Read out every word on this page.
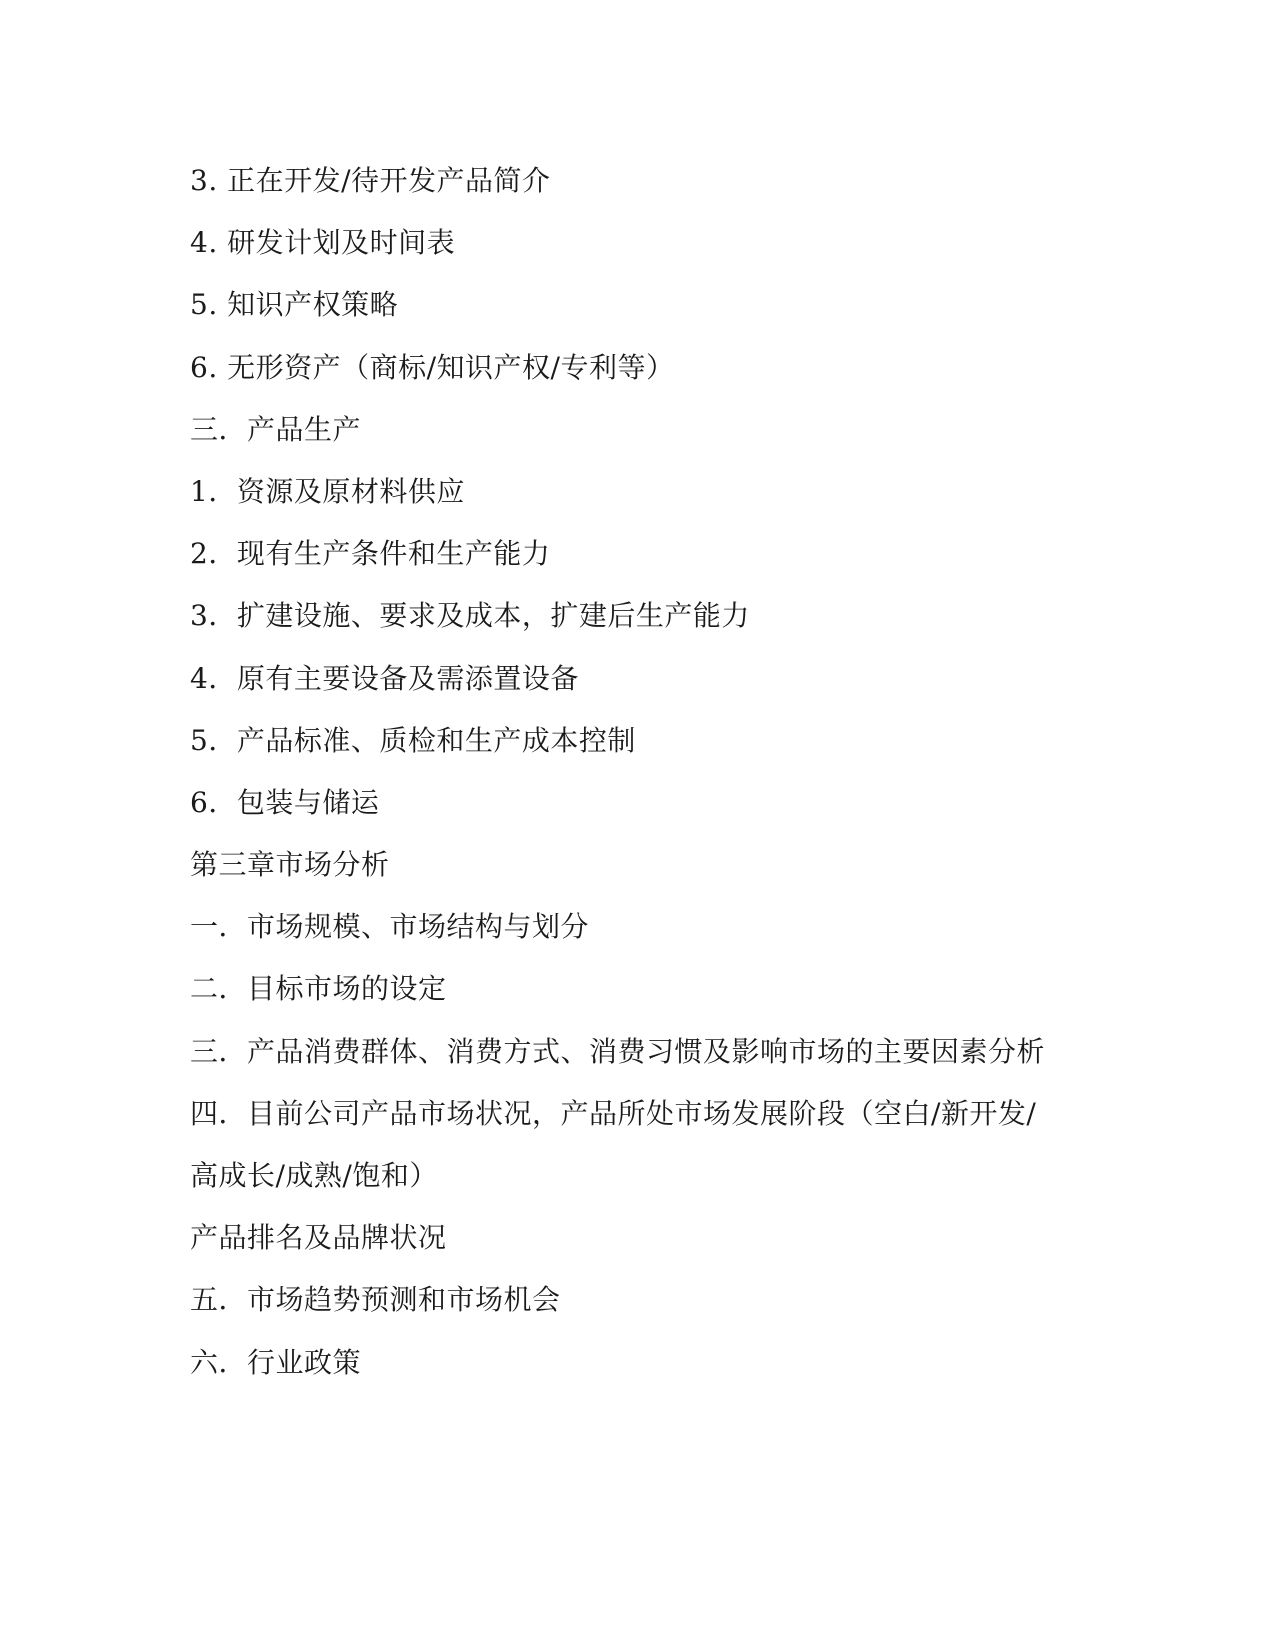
3. 正在开发/待开发产品简介
4. 研发计划及时间表
5. 知识产权策略
6. 无形资产（商标/知识产权/专利等）
三．产品生产
1．资源及原材料供应
2．现有生产条件和生产能力
3．扩建设施、要求及成本，扩建后生产能力
4．原有主要设备及需添置设备
5．产品标准、质检和生产成本控制
6．包装与储运
第三章市场分析
一．市场规模、市场结构与划分
二．目标市场的设定
三．产品消费群体、消费方式、消费习惯及影响市场的主要因素分析
四．目前公司产品市场状况，产品所处市场发展阶段（空白/新开发/
高成长/成熟/饱和）
产品排名及品牌状况
五．市场趋势预测和市场机会
六．行业政策
